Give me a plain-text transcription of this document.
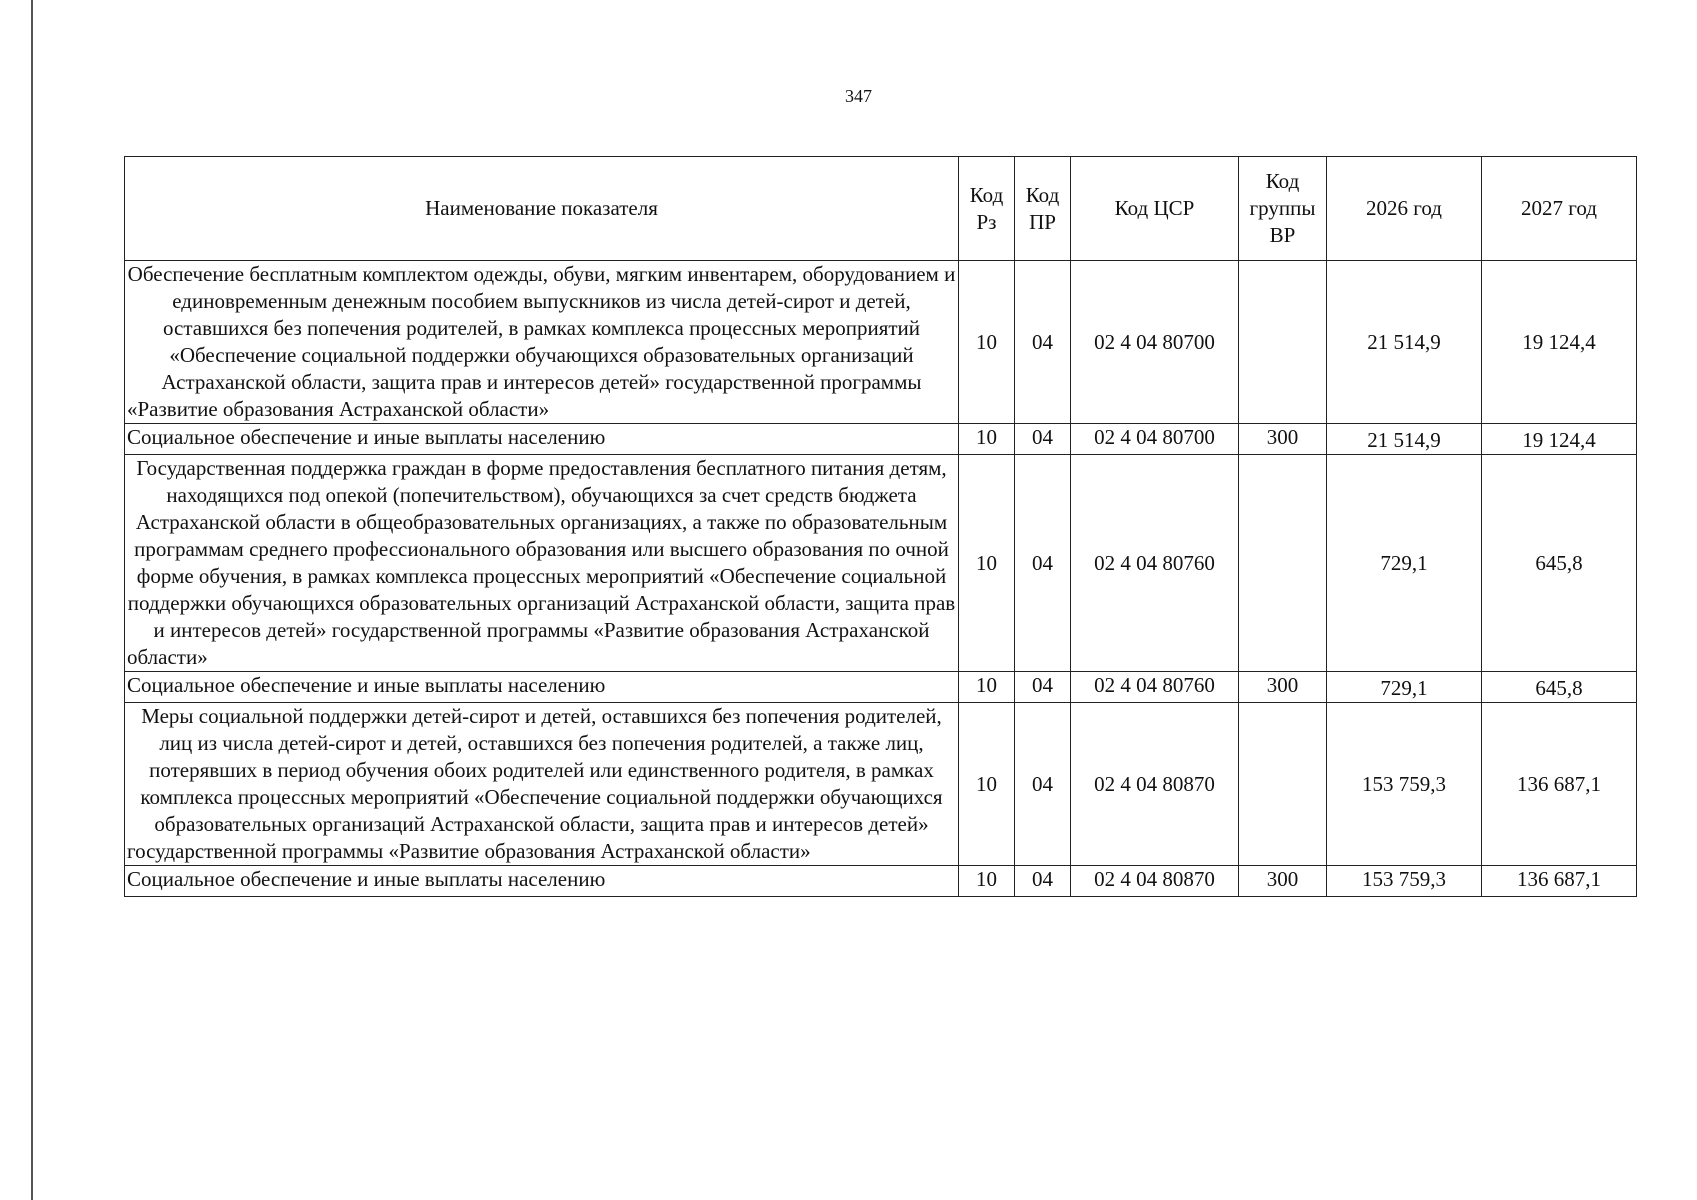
347
Наименование показателя	Код Рз	Код ПР	Код ЦСР	Код группы ВР	2026 год	2027 год
Обеспечение бесплатным комплектом одежды, обуви, мягким инвентарем, оборудованием и единовременным денежным пособием выпускников из числа детей-сирот и детей, оставшихся без попечения родителей, в рамках комплекса процессных мероприятий «Обеспечение социальной поддержки обучающихся образовательных организаций Астраханской области, защита прав и интересов детей» государственной программы «Развитие образования Астраханской области»	10	04	02 4 04 80700		21 514,9	19 124,4
Социальное обеспечение и иные выплаты населению	10	04	02 4 04 80700	300	21 514,9	19 124,4
Государственная поддержка граждан в форме предоставления бесплатного питания детям, находящихся под опекой (попечительством), обучающихся за счет средств бюджета Астраханской области в общеобразовательных организациях, а также по образовательным программам среднего профессионального образования или высшего образования по очной форме обучения, в рамках комплекса процессных мероприятий «Обеспечение социальной поддержки обучающихся образовательных организаций Астраханской области, защита прав и интересов детей» государственной программы «Развитие образования Астраханской области»	10	04	02 4 04 80760		729,1	645,8
Социальное обеспечение и иные выплаты населению	10	04	02 4 04 80760	300	729,1	645,8
Меры социальной поддержки детей-сирот и детей, оставшихся без попечения родителей, лиц из числа детей-сирот и детей, оставшихся без попечения родителей, а также лиц, потерявших в период обучения обоих родителей или единственного родителя, в рамках комплекса процессных мероприятий «Обеспечение социальной поддержки обучающихся образовательных организаций Астраханской области, защита прав и интересов детей» государственной программы «Развитие образования Астраханской области»	10	04	02 4 04 80870		153 759,3	136 687,1
Социальное обеспечение и иные выплаты населению	10	04	02 4 04 80870	300	153 759,3	136 687,1
